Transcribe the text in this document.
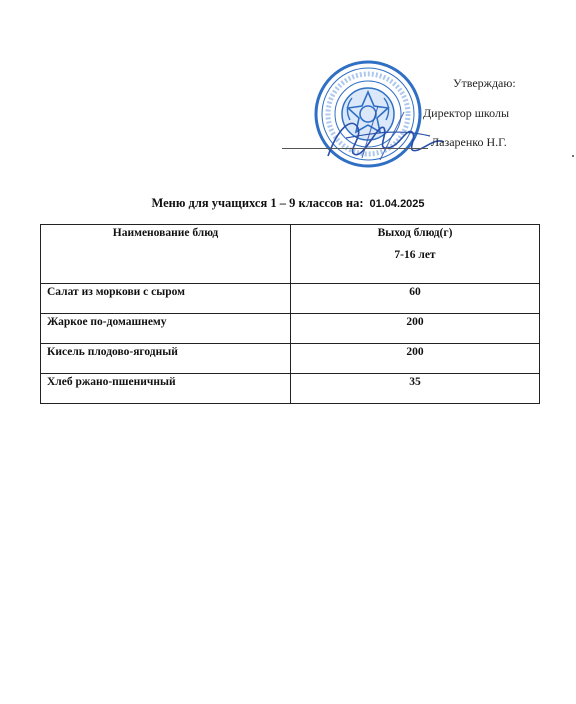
Утверждаю:
Директор школы
Лазаренко Н.Г.
Меню для учащихся 1 – 9 классов на: 01.04.2025
Наименование блюд	Выход блюд(г)
7-16 лет

Салат из моркови с сыром	60
Жаркое по-домашнему	200
Кисель плодово-ягодный	200
Хлеб ржано-пшеничный	35
